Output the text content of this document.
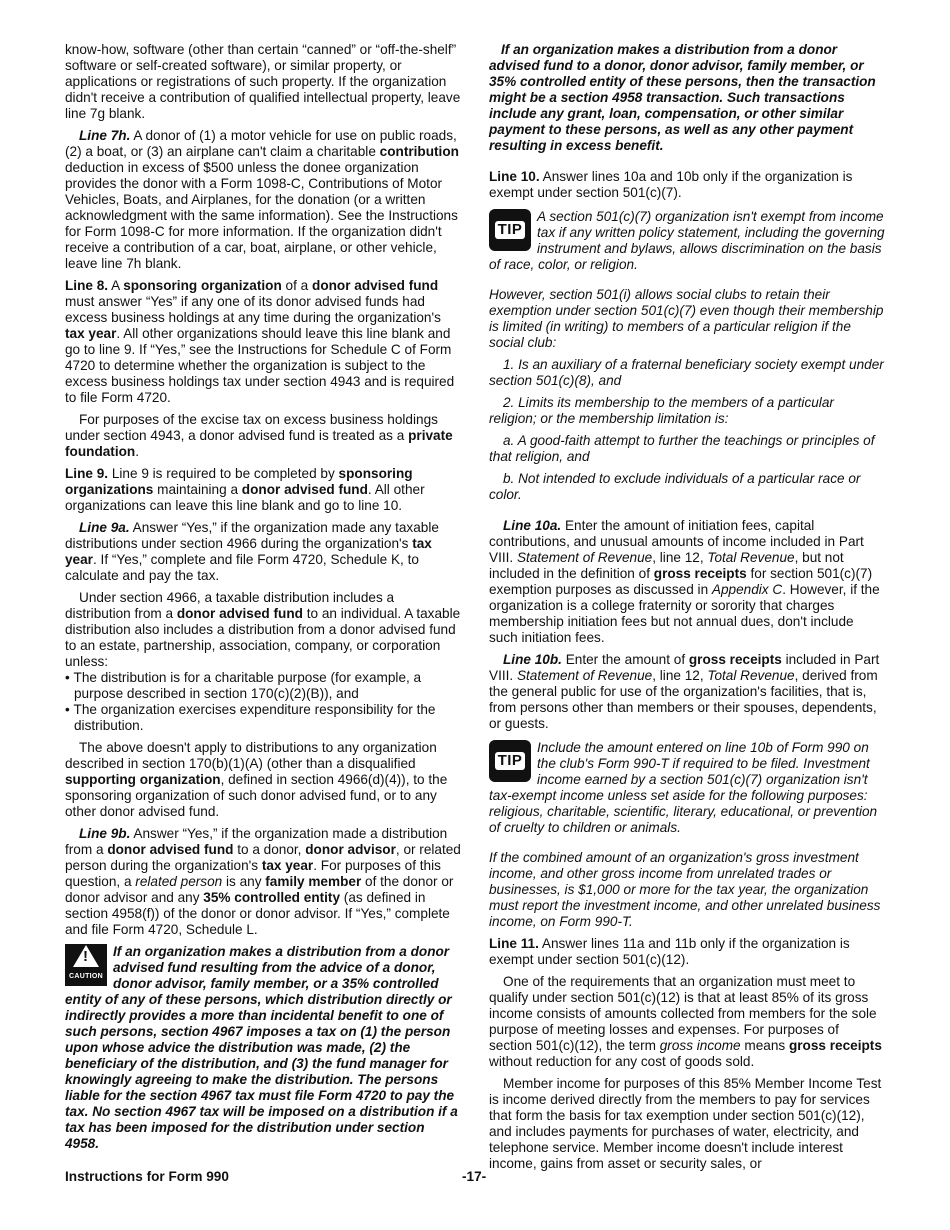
know-how, software (other than certain “canned” or “off-the-shelf” software or self-created software), or similar property, or applications or registrations of such property. If the organization didn't receive a contribution of qualified intellectual property, leave line 7g blank.

Line 7h. A donor of (1) a motor vehicle for use on public roads, (2) a boat, or (3) an airplane can't claim a charitable contribution deduction in excess of $500 unless the donee organization provides the donor with a Form 1098-C, Contributions of Motor Vehicles, Boats, and Airplanes, for the donation (or a written acknowledgment with the same information). See the Instructions for Form 1098-C for more information. If the organization didn't receive a contribution of a car, boat, airplane, or other vehicle, leave line 7h blank.

Line 8. A sponsoring organization of a donor advised fund must answer “Yes” if any one of its donor advised funds had excess business holdings at any time during the organization's tax year. All other organizations should leave this line blank and go to line 9. If “Yes,” see the Instructions for Schedule C of Form 4720 to determine whether the organization is subject to the excess business holdings tax under section 4943 and is required to file Form 4720.

For purposes of the excise tax on excess business holdings under section 4943, a donor advised fund is treated as a private foundation.

Line 9. Line 9 is required to be completed by sponsoring organizations maintaining a donor advised fund. All other organizations can leave this line blank and go to line 10.

Line 9a. Answer “Yes,” if the organization made any taxable distributions under section 4966 during the organization's tax year. If “Yes,” complete and file Form 4720, Schedule K, to calculate and pay the tax.

Under section 4966, a taxable distribution includes a distribution from a donor advised fund to an individual. A taxable distribution also includes a distribution from a donor advised fund to an estate, partnership, association, company, or corporation unless:

• The distribution is for a charitable purpose (for example, a purpose described in section 170(c)(2)(B)), and

• The organization exercises expenditure responsibility for the distribution.

The above doesn't apply to distributions to any organization described in section 170(b)(1)(A) (other than a disqualified supporting organization, defined in section 4966(d)(4)), to the sponsoring organization of such donor advised fund, or to any other donor advised fund.

Line 9b. Answer “Yes,” if the organization made a distribution from a donor advised fund to a donor, donor advisor, or related person during the organization's tax year. For purposes of this question, a related person is any family member of the donor or donor advisor and any 35% controlled entity (as defined in section 4958(f)) of the donor or donor advisor. If “Yes,” complete and file Form 4720, Schedule L.

!
CAUTION

If an organization makes a distribution from a donor advised fund resulting from the advice of a donor, donor advisor, family member, or a 35% controlled entity of any of these persons, which distribution directly or indirectly provides a more than incidental benefit to one of such persons, section 4967 imposes a tax on (1) the person upon whose advice the distribution was made, (2) the beneficiary of the distribution, and (3) the fund manager for knowingly agreeing to make the distribution. The persons liable for the section 4967 tax must file Form 4720 to pay the tax. No section 4967 tax will be imposed on a distribution if a tax has been imposed for the distribution under section 4958.

If an organization makes a distribution from a donor advised fund to a donor, donor advisor, family member, or 35% controlled entity of these persons, then the transaction might be a section 4958 transaction. Such transactions include any grant, loan, compensation, or other similar payment to these persons, as well as any other payment resulting in excess benefit.

Line 10. Answer lines 10a and 10b only if the organization is exempt under section 501(c)(7).

TIP

A section 501(c)(7) organization isn't exempt from income tax if any written policy statement, including the governing instrument and bylaws, allows discrimination on the basis of race, color, or religion.

However, section 501(i) allows social clubs to retain their exemption under section 501(c)(7) even though their membership is limited (in writing) to members of a particular religion if the social club:

1. Is an auxiliary of a fraternal beneficiary society exempt under section 501(c)(8), and

2. Limits its membership to the members of a particular religion; or the membership limitation is:

a. A good-faith attempt to further the teachings or principles of that religion, and

b. Not intended to exclude individuals of a particular race or color.

Line 10a. Enter the amount of initiation fees, capital contributions, and unusual amounts of income included in Part VIII. Statement of Revenue, line 12, Total Revenue, but not included in the definition of gross receipts for section 501(c)(7) exemption purposes as discussed in Appendix C. However, if the organization is a college fraternity or sorority that charges membership initiation fees but not annual dues, don't include such initiation fees.

Line 10b. Enter the amount of gross receipts included in Part VIII. Statement of Revenue, line 12, Total Revenue, derived from the general public for use of the organization's facilities, that is, from persons other than members or their spouses, dependents, or guests.

TIP

Include the amount entered on line 10b of Form 990 on the club's Form 990-T if required to be filed. Investment income earned by a section 501(c)(7) organization isn't tax-exempt income unless set aside for the following purposes: religious, charitable, scientific, literary, educational, or prevention of cruelty to children or animals.

If the combined amount of an organization's gross investment income, and other gross income from unrelated trades or businesses, is $1,000 or more for the tax year, the organization must report the investment income, and other unrelated business income, on Form 990-T.

Line 11. Answer lines 11a and 11b only if the organization is exempt under section 501(c)(12).

One of the requirements that an organization must meet to qualify under section 501(c)(12) is that at least 85% of its gross income consists of amounts collected from members for the sole purpose of meeting losses and expenses. For purposes of section 501(c)(12), the term gross income means gross receipts without reduction for any cost of goods sold.

Member income for purposes of this 85% Member Income Test is income derived directly from the members to pay for services that form the basis for tax exemption under section 501(c)(12), and includes payments for purchases of water, electricity, and telephone service. Member income doesn't include interest income, gains from asset or security sales, or

Instructions for Form 990	-17-
